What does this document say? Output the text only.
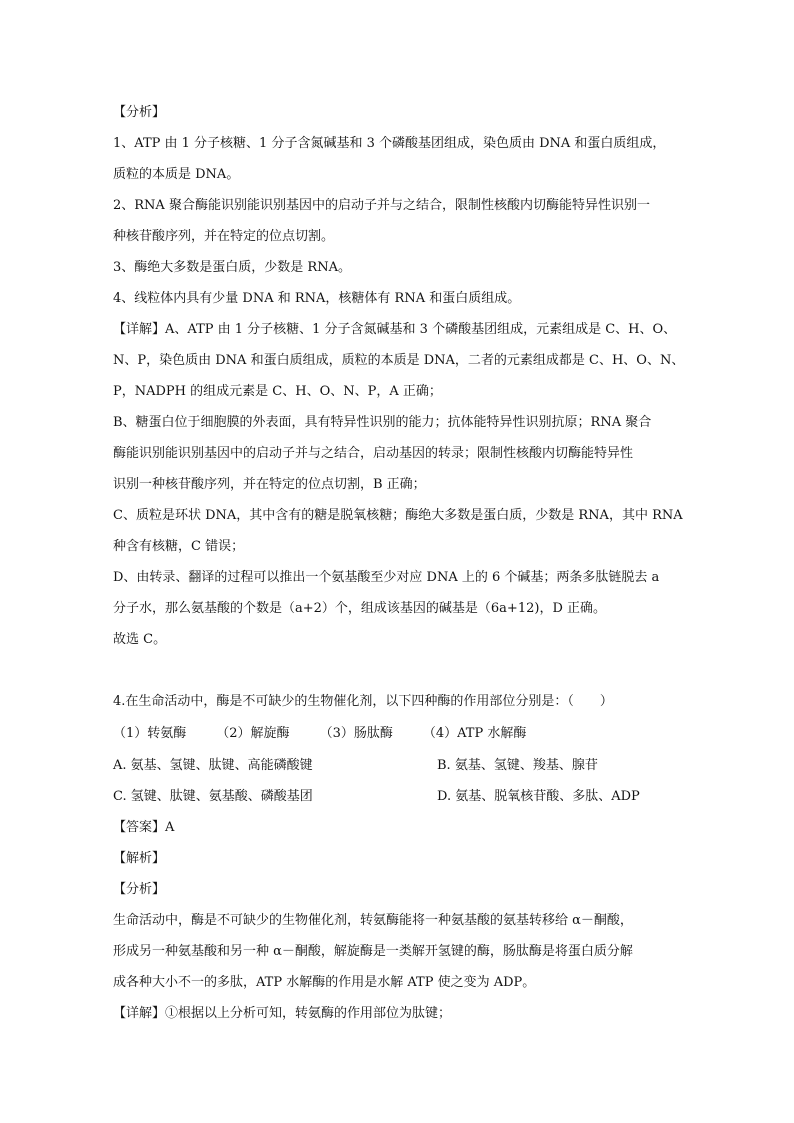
【分析】
1、ATP 由 1 分子核糖、1 分子含氮碱基和 3 个磷酸基团组成，染色质由 DNA 和蛋白质组成，
质粒的本质是 DNA。
2、RNA 聚合酶能识别能识别基因中的启动子并与之结合，限制性核酸内切酶能特异性识别一
种核苷酸序列，并在特定的位点切割。
3、酶绝大多数是蛋白质，少数是 RNA。
4、线粒体内具有少量 DNA 和 RNA，核糖体有 RNA 和蛋白质组成。
【详解】A、ATP 由 1 分子核糖、1 分子含氮碱基和 3 个磷酸基团组成，元素组成是 C、H、O、
N、P，染色质由 DNA 和蛋白质组成，质粒的本质是 DNA，二者的元素组成都是 C、H、O、N、
P，NADPH 的组成元素是 C、H、O、N、P，A 正确；
B、糖蛋白位于细胞膜的外表面，具有特异性识别的能力；抗体能特异性识别抗原；RNA 聚合
酶能识别能识别基因中的启动子并与之结合，启动基因的转录；限制性核酸内切酶能特异性
识别一种核苷酸序列，并在特定的位点切割，B 正确；
C、质粒是环状 DNA，其中含有的糖是脱氧核糖；酶绝大多数是蛋白质，少数是 RNA，其中 RNA
种含有核糖，C 错误；
D、由转录、翻译的过程可以推出一个氨基酸至少对应 DNA 上的 6 个碱基；两条多肽链脱去 a
分子水，那么氨基酸的个数是（a+2）个，组成该基因的碱基是（6a+12)，D 正确。
故选 C。
4.在生命活动中，酶是不可缺少的生物催化剂，以下四种酶的作用部位分别是：（　　）
（1）转氨酶 （2）解旋酶 （3）肠肽酶 （4）ATP 水解酶
A. 氨基、氢键、肽键、高能磷酸键	B. 氨基、氢键、羧基、腺苷
C. 氢键、肽键、氨基酸、磷酸基团	D. 氨基、脱氧核苷酸、多肽、ADP
【答案】A
【解析】
【分析】
生命活动中，酶是不可缺少的生物催化剂，转氨酶能将一种氨基酸的氨基转移给 α－酮酸，
形成另一种氨基酸和另一种 α－酮酸，解旋酶是一类解开氢键的酶，肠肽酶是将蛋白质分解
成各种大小不一的多肽，ATP 水解酶的作用是水解 ATP 使之变为 ADP。
【详解】①根据以上分析可知，转氨酶的作用部位为肽键；
